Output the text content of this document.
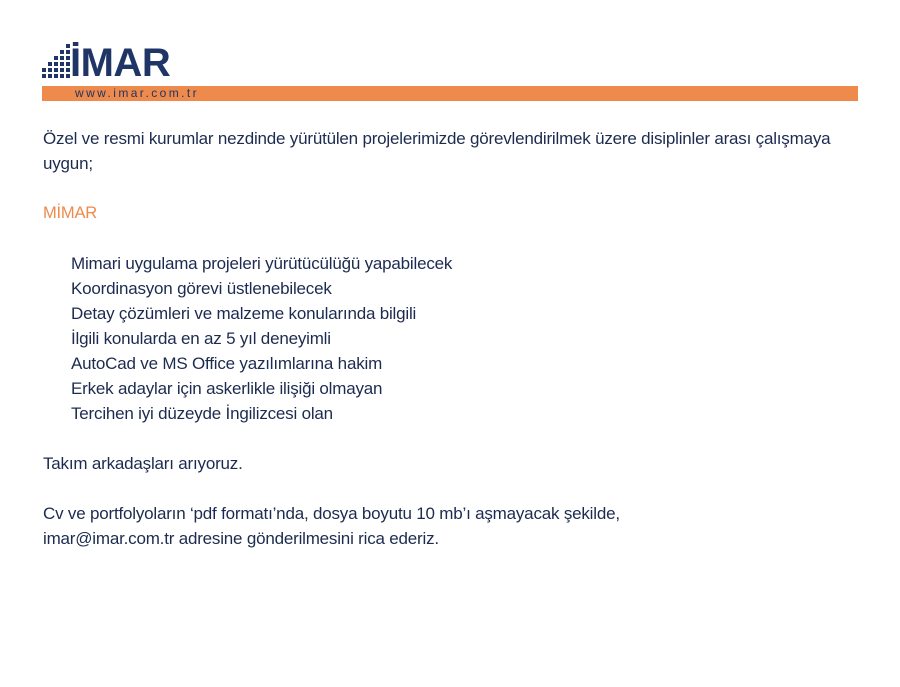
İMAR
www.imar.com.tr

Özel ve resmi kurumlar nezdinde yürütülen projelerimizde görevlendirilmek üzere disiplinler arası çalışmaya uygun;

MİMAR

Mimari uygulama projeleri yürütücülüğü yapabilecek
Koordinasyon görevi üstlenebilecek
Detay çözümleri ve malzeme konularında bilgili
İlgili konularda en az 5 yıl deneyimli
AutoCad ve MS Office yazılımlarına hakim
Erkek adaylar için askerlikle ilişiği olmayan
Tercihen iyi düzeyde İngilizcesi olan

Takım arkadaşları arıyoruz.

Cv ve portfolyoların ‘pdf formatı’nda, dosya boyutu 10 mb’ı aşmayacak şekilde,

imar@imar.com.tr adresine gönderilmesini rica ederiz.
